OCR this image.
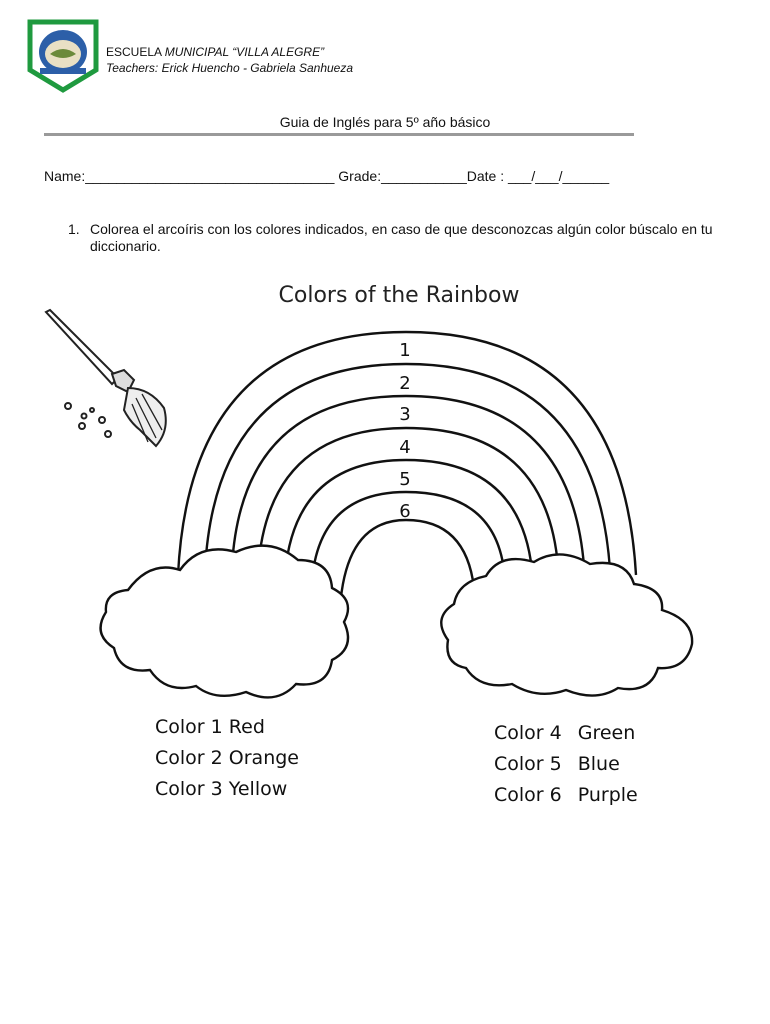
ESCUELA MUNICIPAL “VILLA ALEGRE”
Teachers: Erick Huencho - Gabriela Sanhueza
Guia de Inglés para 5º año básico
Name:________________________________ Grade:___________Date : ___/___/______
1. Colorea el arcoíris con los colores indicados, en caso de que desconozcas algún color búscalo en tu diccionario.
Colors of the Rainbow
1
2
3
4
5
6
Color 1 Red
Color 2 Orange
Color 3 Yellow
Color 4 Green
Color 5 Blue
Color 6 Purple
